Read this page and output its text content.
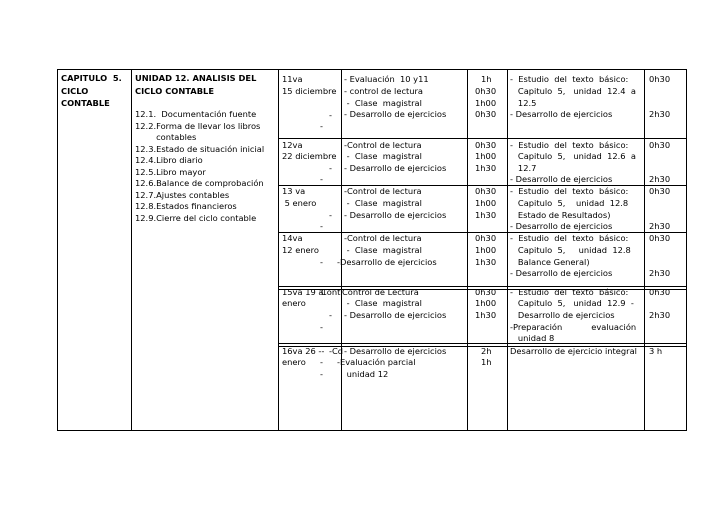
CAPITULO  5.
CICLO
CONTABLE
UNIDAD 12. ANALISIS DEL
CICLO CONTABLE
12.1.  Documentación fuente
12.2.Forma de llevar los libros
contables
12.3.Estado de situación inicial
12.4.Libro diario
12.5.Libro mayor
12.6.Balance de comprobación
12.7.Ajustes contables
12.8.Estados financieros
12.9.Cierre del ciclo contable
11va
15 diciembre
-
-
- Evaluación  10 y11
- control de lectura
-  Clase  magistral
- Desarrollo de ejercicios
1h
0h30
1h00
0h30
-  Estudio  del  texto  básico:
Capitulo  5,   unidad  12.4  a
12.5
- Desarrollo de ejercicios
0h30
2h30
12va
22 diciembre
-
-
-Control de lectura
-  Clase  magistral
- Desarrollo de ejercicios
0h30
1h00
1h30
-  Estudio  del  texto  básico:
Capitulo  5,   unidad  12.6  a
12.7
- Desarrollo de ejercicios
0h30
2h30
13 va
5 enero
-
-
-Control de lectura
-  Clase  magistral
- Desarrollo de ejercicios
0h30
1h00
1h30
-  Estudio  del  texto  básico:
Capitulo  5,    unidad  12.8
Estado de Resultados)
- Desarrollo de ejercicios
0h30
2h30
14va
12 enero
-
-Control de lectura
-  Clase  magistral
-Desarrollo de ejercicios
0h30
1h00
1h30
-  Estudio  del  texto  básico:
Capitulo  5,     unidad  12.8
Balance General)
- Desarrollo de ejercicios
0h30
2h30
15va 19 al
Cont
enero
-
-
Control de Lectura
-  Clase  magistral
- Desarrollo de ejercicios
0h30
1h00
1h30
-  Estudio  del  texto  básico:
Capitulo  5,   unidad  12.9  -
Desarrollo de ejercicios
-Preparación           evaluación
unidad 8
0h30
2h30
16va 26 -- -Cd
enero -
-
- Desarrollo de ejercicios
-Evaluación parcial
unidad 12
2h
1h
Desarrollo de ejercicio integral 3 h
